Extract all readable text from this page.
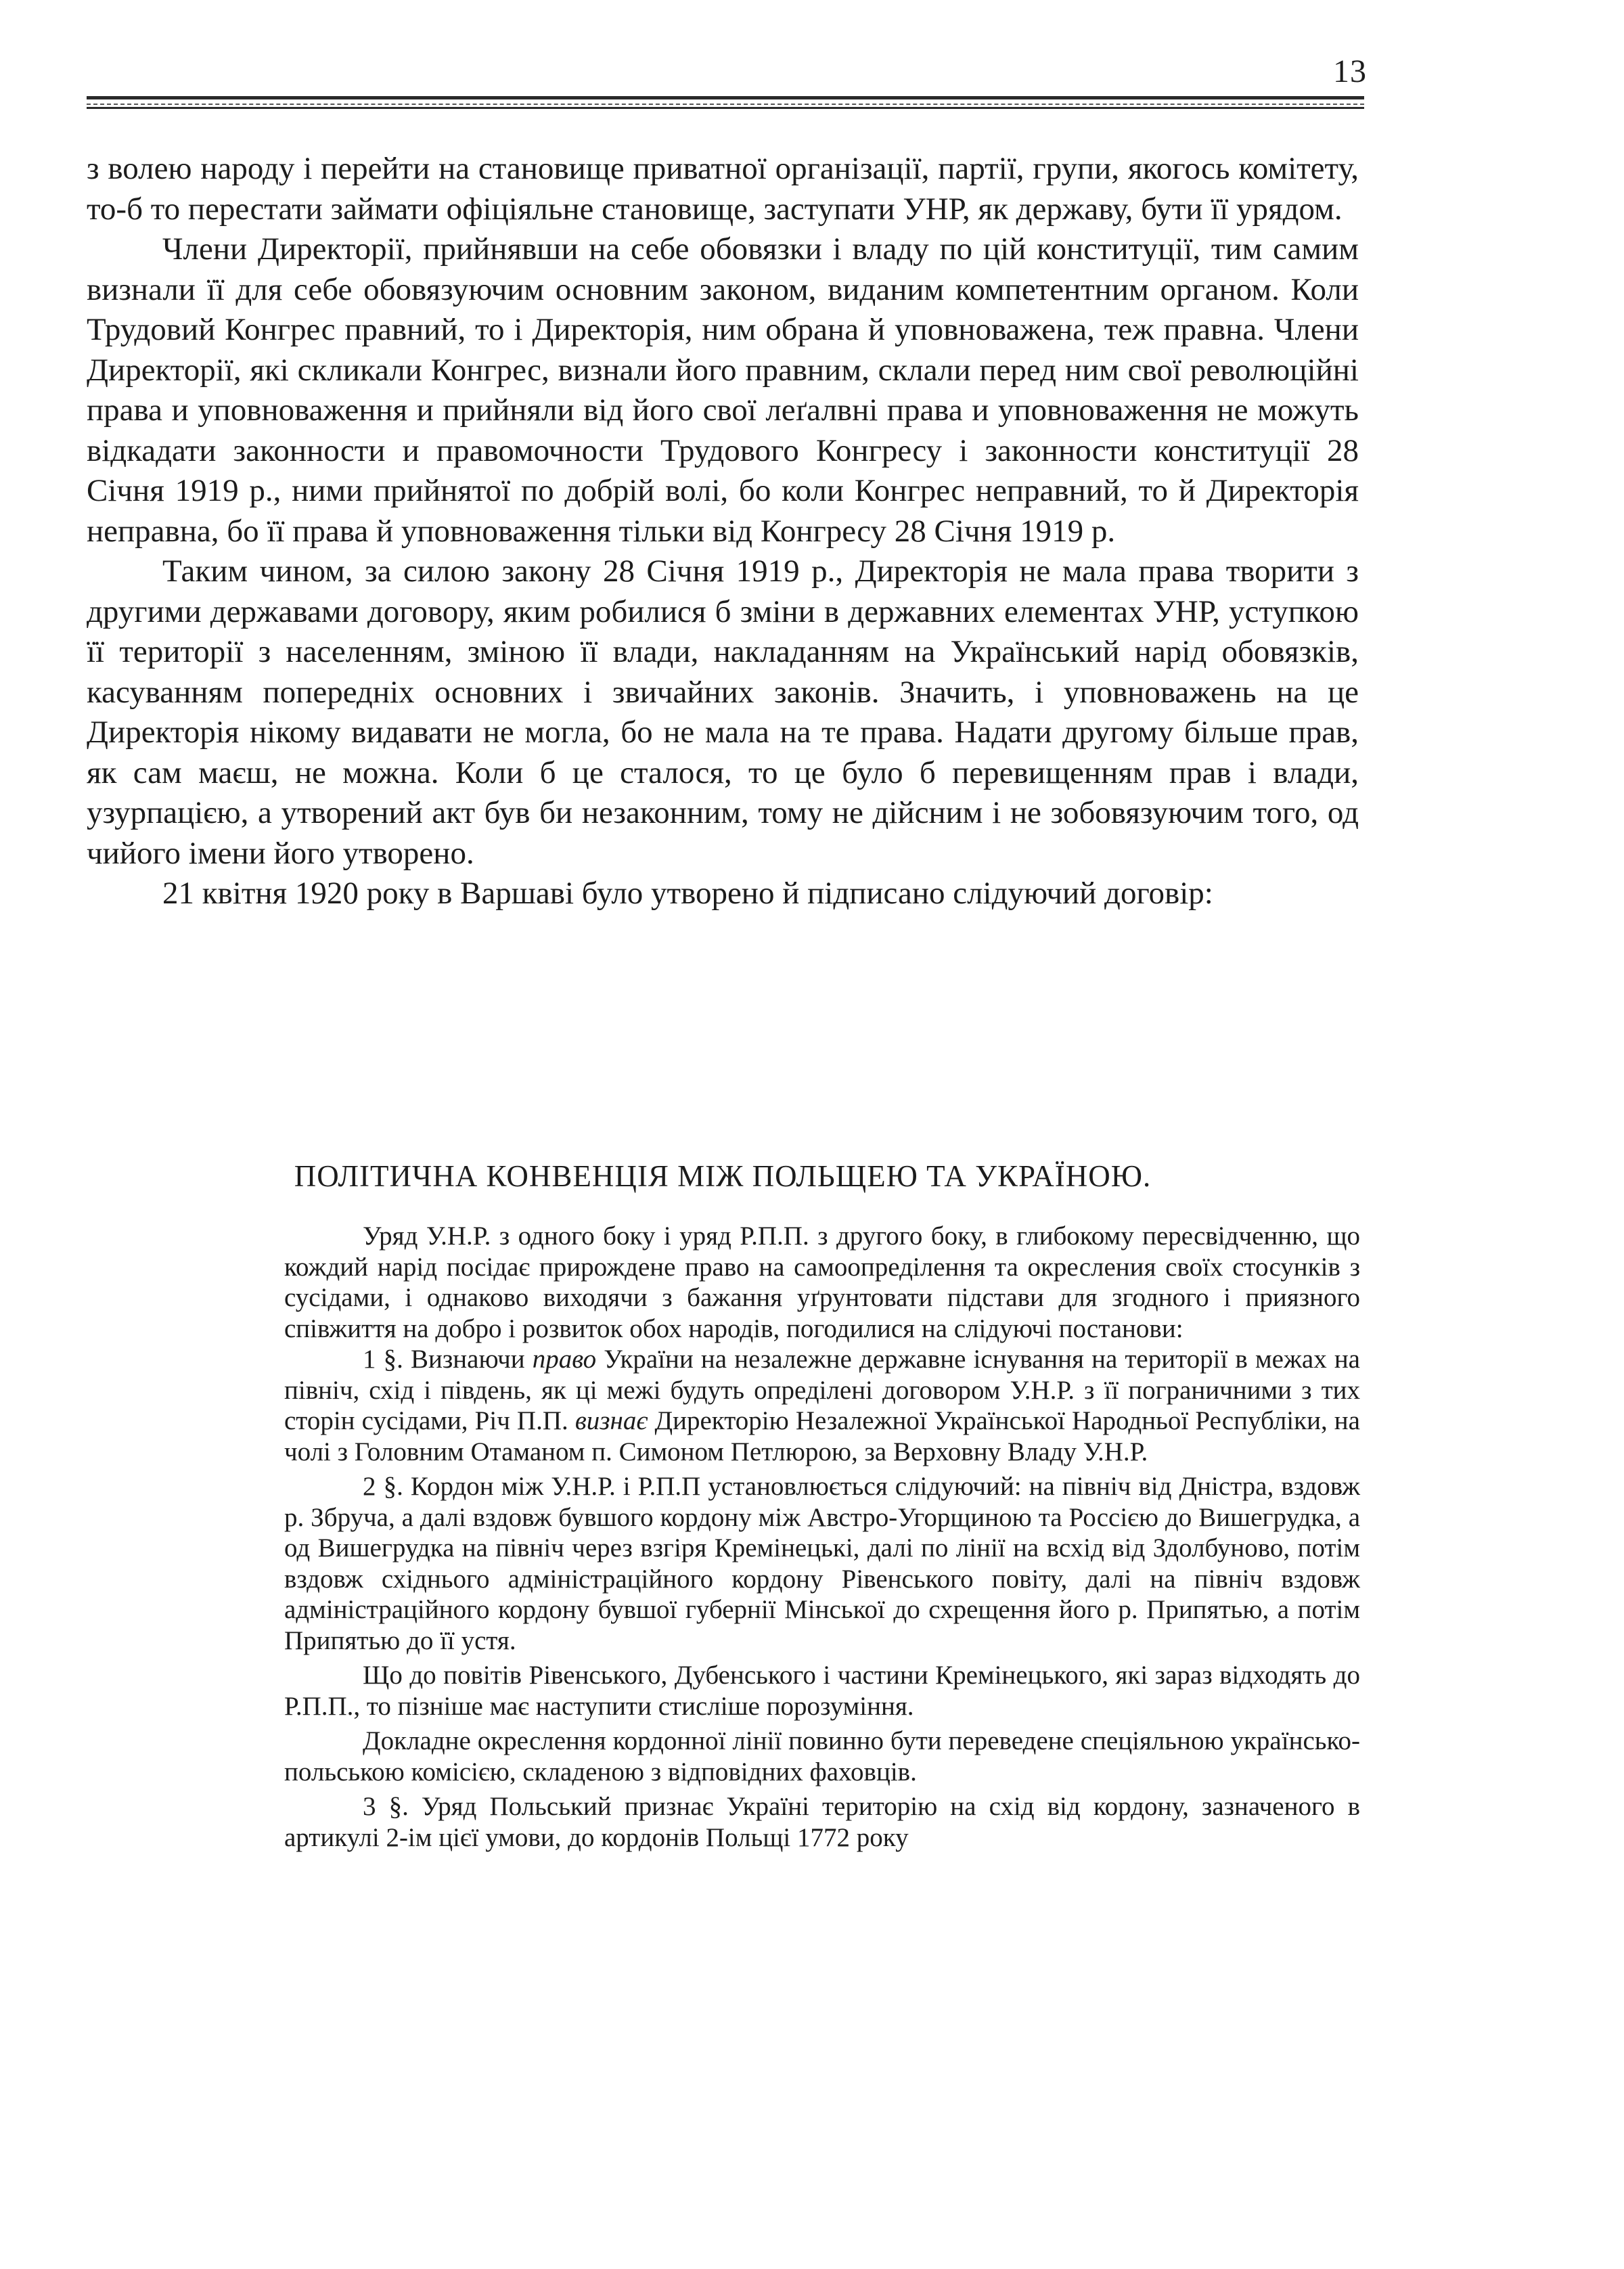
13

з волею народу і перейти на становище приватної організації, партії, групи, якогось комітету, то-б то перестати займати офіціяльне становище, заступати УНР, як державу, бути її урядом.

Члени Директорії, прийнявши на себе обовязки і владу по цій конституції, тим самим визнали її для себе обовязуючим основним законом, виданим компетентним органом. Коли Трудовий Конгрес правний, то і Директорія, ним обрана й уповноважена, теж правна. Члени Директорії, які скликали Конгрес, визнали його правним, склали перед ним свої революційні права и уповноваження и прийняли від його свої леґалвні права и уповноваження не можуть відкадати законности и правомочности Трудового Конгресу і законности конституції 28 Січня 1919 р., ними прийнятої по добрій волі, бо коли Конгрес неправний, то й Директорія неправна, бо її права й уповноваження тільки від Конгресу 28 Січня 1919 р.

Таким чином, за силою закону 28 Січня 1919 р., Директорія не мала права творити з другими державами договору, яким робилися б зміни в державних елементах УНР, уступкою її території з населенням, зміною її влади, накладанням на Український нарід обовязків, касуванням попередніх основних і звичайних законів. Значить, і уповноважень на це Директорія нікому видавати не могла, бо не мала на те права. Надати другому більше прав, як сам маєш, не можна. Коли б це сталося, то це було б перевищенням прав і влади, узурпацією, а утворений акт був би незаконним, тому не дійсним і не зобовязуючим того, од чийого імени його утворено.

21 квітня 1920 року в Варшаві було утворено й підписано слідуючий договір:

ПОЛІТИЧНА КОНВЕНЦІЯ МІЖ ПОЛЬЩЕЮ ТА УКРАЇНОЮ.

Уряд У.Н.Р. з одного боку і уряд Р.П.П. з другого боку, в глибокому пересвідченню, що кождий нарід посідає прирождене право на самоопреділення та окресления своїх стосунків з сусідами, і однаково виходячи з бажання уґрунтовати підстави для згодного і приязного співжиття на добро і розвиток обох народів, погодилися на слідуючі постанови:

1 §. Визнаючи право України на незалежне державне існування на території в межах на північ, схід і південь, як ці межі будуть опреділені договором У.Н.Р. з її пограничними з тих сторін сусідами, Річ П.П. визнає Директорію Незалежної Української Народньої Республіки, на чолі з Головним Отаманом п. Симоном Петлюрою, за Верховну Владу У.Н.Р.

2 §. Кордон між У.Н.Р. і Р.П.П установлюється слідуючий: на північ від Дністра, вздовж р. Збруча, а далі вздовж бувшого кордону між Австро-Угорщиною та Россією до Вишегрудка, а од Вишегрудка на північ через взгіря Кремінецькі, далі по лінії на всхід від Здолбуново, потім вздовж східнього адміністраційного кордону Рівенського повіту, далі на північ вздовж адміністраційного кордону бувшої губернії Мінської до схрещення його р. Припятью, а потім Припятью до її устя.

Що до повітів Рівенського, Дубенського і частини Кремінецького, які зараз відходять до Р.П.П., то пізніше має наступити стисліше порозуміння.

Докладне окреслення кордонної лінії повинно бути переведене спеціяльною українсько-польською комісією, складеною з відповідних фаховців.

3 §. Уряд Польський признає Україні територію на схід від кордону, зазначеного в артикулі 2-ім цієї умови, до кордонів Польщі 1772 року
